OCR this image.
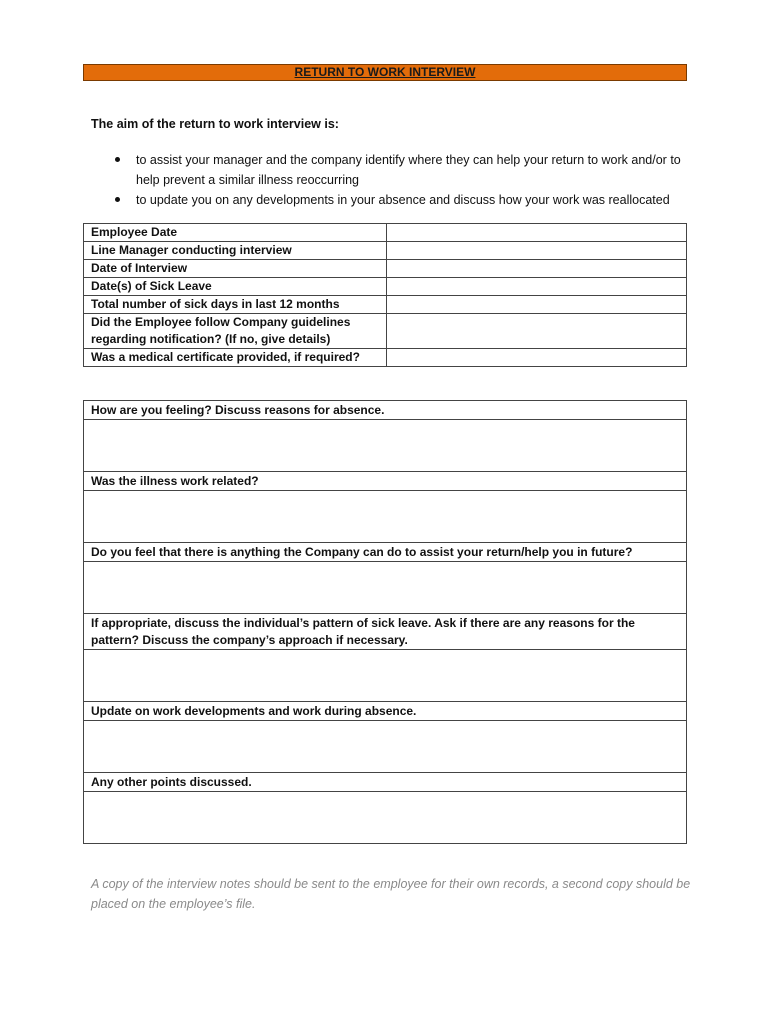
RETURN TO WORK INTERVIEW
The aim of the return to work interview is:
to assist your manager and the company identify where they can help your return to work and/or to help prevent a similar illness reoccurring
to update you on any developments in your absence and discuss how your work was reallocated
Employee Date	
Line Manager conducting interview	
Date of Interview	
Date(s) of Sick Leave	
Total number of sick days in last 12 months	
Did the Employee follow Company guidelines regarding notification? (If no, give details)	
Was a medical certificate provided, if required?	
How are you feeling? Discuss reasons for absence.

Was the illness work related?

Do you feel that there is anything the Company can do to assist your return/help you in future?

If appropriate, discuss the individual’s pattern of sick leave. Ask if there are any reasons for the pattern? Discuss the company’s approach if necessary.

Update on work developments and work during absence.

Any other points discussed.

A copy of the interview notes should be sent to the employee for their own records, a second copy should be placed on the employee’s file.
